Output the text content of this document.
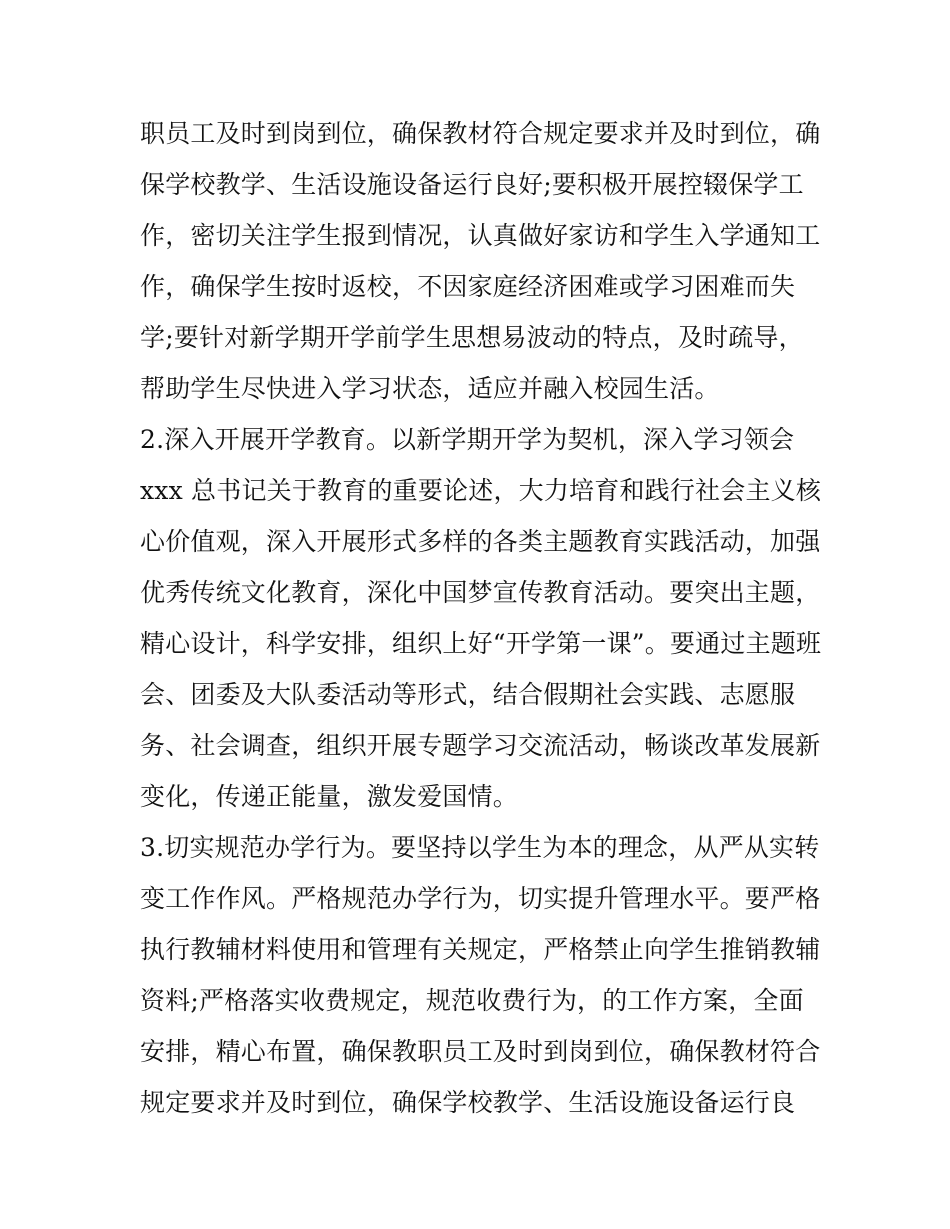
职员工及时到岗到位，确保教材符合规定要求并及时到位，确
保学校教学、生活设施设备运行良好;要积极开展控辍保学工
作，密切关注学生报到情况，认真做好家访和学生入学通知工
作，确保学生按时返校，不因家庭经济困难或学习困难而失
学;要针对新学期开学前学生思想易波动的特点，及时疏导，
帮助学生尽快进入学习状态，适应并融入校园生活。
2.深入开展开学教育。以新学期开学为契机，深入学习领会
xxx 总书记关于教育的重要论述，大力培育和践行社会主义核
心价值观，深入开展形式多样的各类主题教育实践活动，加强
优秀传统文化教育，深化中国梦宣传教育活动。要突出主题，
精心设计，科学安排，组织上好“开学第一课”。要通过主题班
会、团委及大队委活动等形式，结合假期社会实践、志愿服
务、社会调查，组织开展专题学习交流活动，畅谈改革发展新
变化，传递正能量，激发爱国情。
3.切实规范办学行为。要坚持以学生为本的理念，从严从实转
变工作作风。严格规范办学行为，切实提升管理水平。要严格
执行教辅材料使用和管理有关规定，严格禁止向学生推销教辅
资料;严格落实收费规定，规范收费行为，的工作方案，全面
安排，精心布置，确保教职员工及时到岗到位，确保教材符合
规定要求并及时到位，确保学校教学、生活设施设备运行良
